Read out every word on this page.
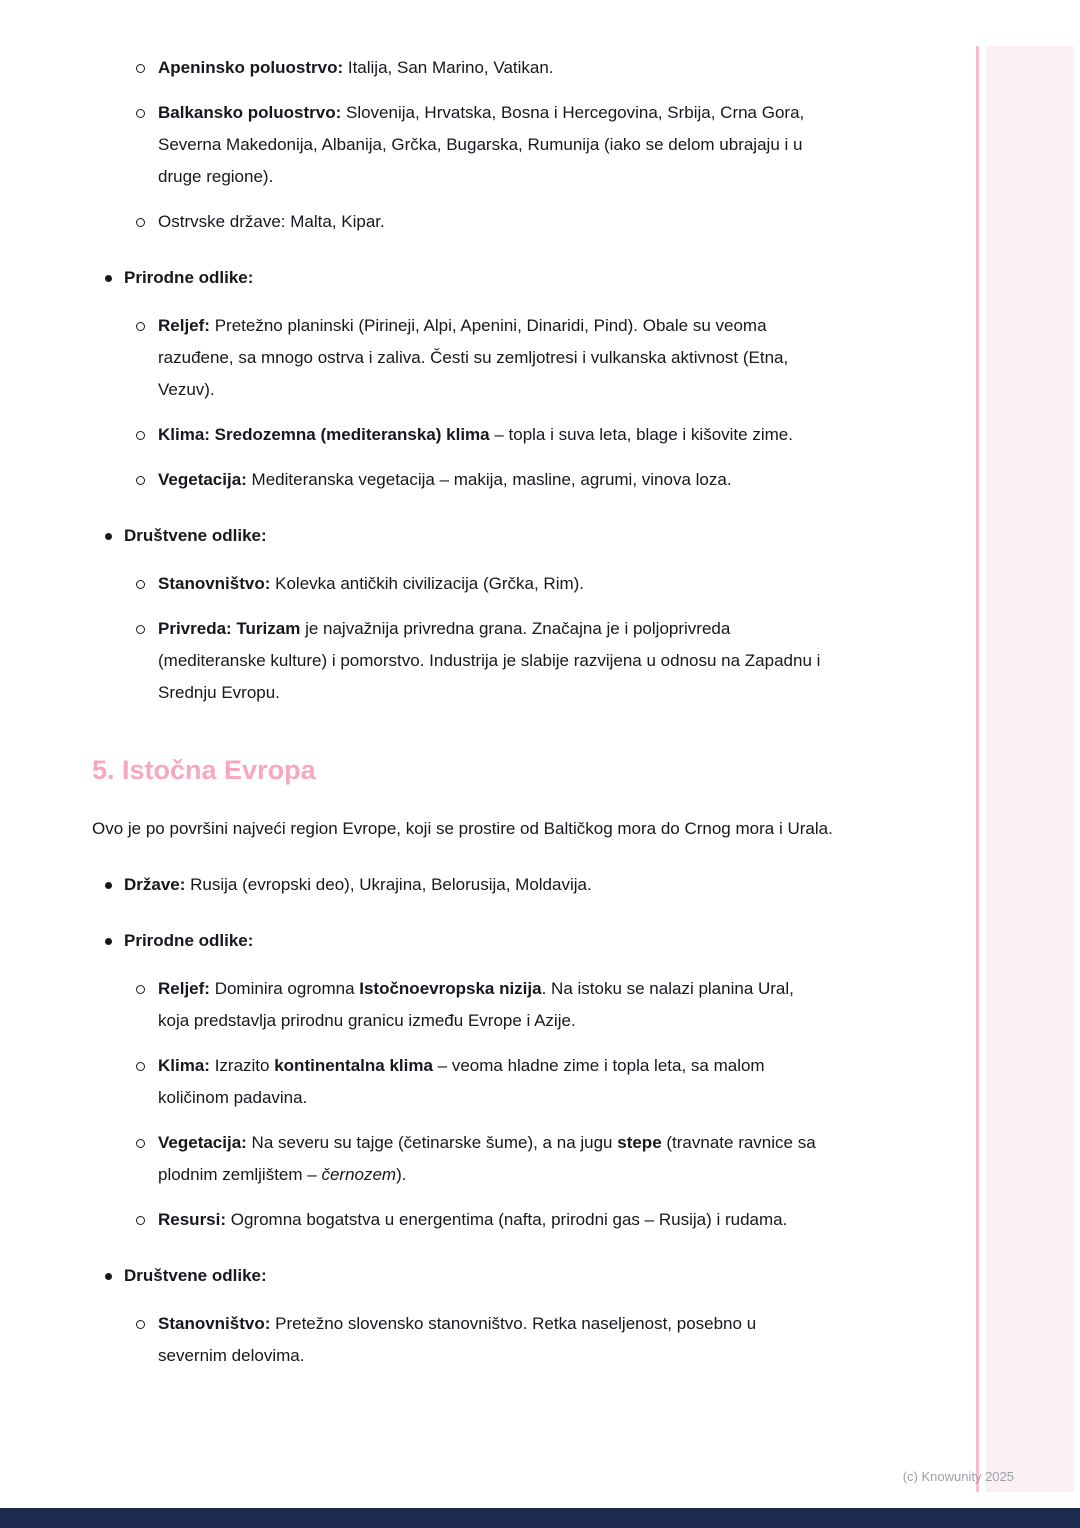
Apeninsko poluostrvo: Italija, San Marino, Vatikan.
Balkansko poluostrvo: Slovenija, Hrvatska, Bosna i Hercegovina, Srbija, Crna Gora, Severna Makedonija, Albanija, Grčka, Bugarska, Rumunija (iako se delom ubrajaju i u druge regione).
Ostrvske države: Malta, Kipar.
Prirodne odlike:
Reljef: Pretežno planinski (Pirineji, Alpi, Apenini, Dinaridi, Pind). Obale su veoma razuđene, sa mnogo ostrva i zaliva. Česti su zemljotresi i vulkanska aktivnost (Etna, Vezuv).
Klima: Sredozemna (mediteranska) klima – topla i suva leta, blage i kišovite zime.
Vegetacija: Mediteranska vegetacija – makija, masline, agrumi, vinova loza.
Društvene odlike:
Stanovništvo: Kolevka antičkih civilizacija (Grčka, Rim).
Privreda: Turizam je najvažnija privredna grana. Značajna je i poljoprivreda (mediteranske kulture) i pomorstvo. Industrija je slabije razvijena u odnosu na Zapadnu i Srednju Evropu.
5. Istočna Evropa

Ovo je po površini najveći region Evrope, koji se prostire od Baltičkog mora do Crnog mora i Urala.

Države: Rusija (evropski deo), Ukrajina, Belorusija, Moldavija.
Prirodne odlike:
Reljef: Dominira ogromna Istočnoevropska nizija. Na istoku se nalazi planina Ural, koja predstavlja prirodnu granicu između Evrope i Azije.
Klima: Izrazito kontinentalna klima – veoma hladne zime i topla leta, sa malom količinom padavina.
Vegetacija: Na severu su tajge (četinarske šume), a na jugu stepe (travnate ravnice sa plodnim zemljištem – černozem).
Resursi: Ogromna bogatstva u energentima (nafta, prirodni gas – Rusija) i rudama.
Društvene odlike:
Stanovništvo: Pretežno slovensko stanovništvo. Retka naseljenost, posebno u severnim delovima.
(c) Knowunity 2025
